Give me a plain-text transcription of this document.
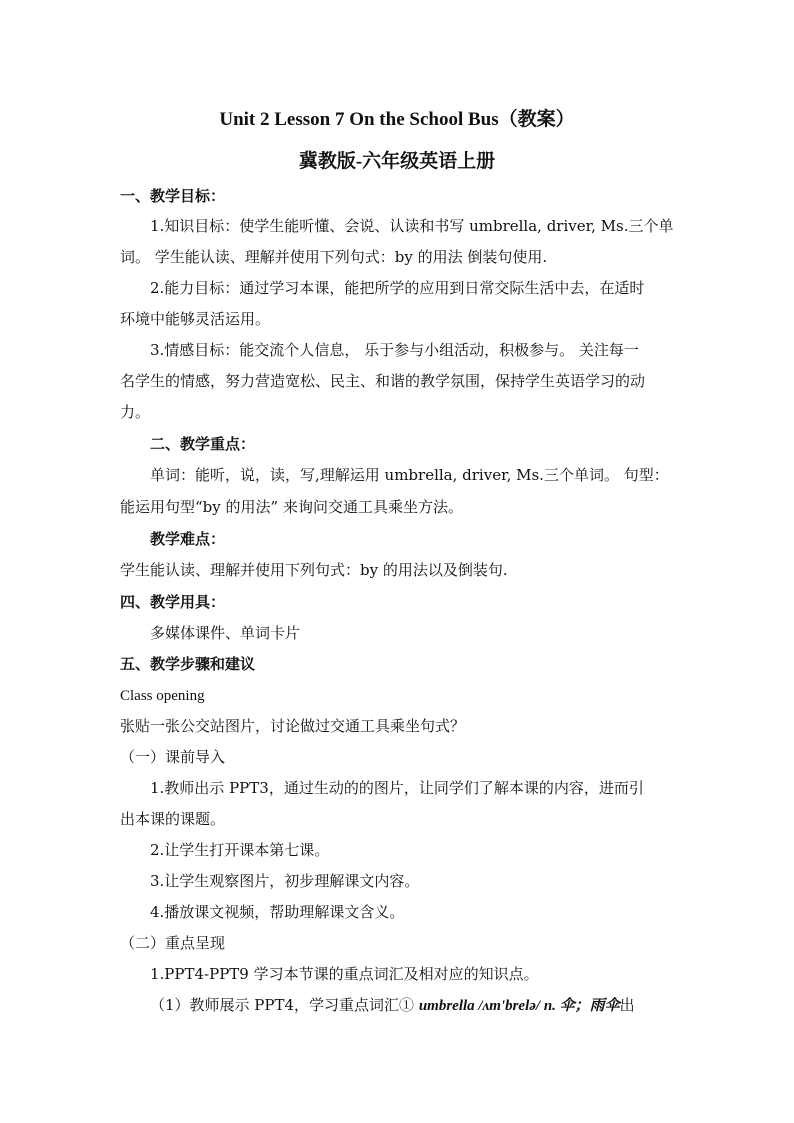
Unit 2 Lesson 7 On the School Bus（教案）
冀教版-六年级英语上册
一、教学目标：
1.知识目标：使学生能听懂、会说、认读和书写 umbrella, driver, Ms.三个单
词。 学生能认读、理解并使用下列句式：by 的用法 倒装句使用.
2.能力目标：通过学习本课，能把所学的应用到日常交际生活中去，在适时
环境中能够灵活运用。
3.情感目标：能交流个人信息， 乐于参与小组活动，积极参与。 关注每一
名学生的情感，努力营造宽松、民主、和谐的教学氛围，保持学生英语学习的动
力。
二、教学重点：
单词：能听，说，读，写,理解运用 umbrella, driver, Ms.三个单词。 句型：
能运用句型“by 的用法” 来询问交通工具乘坐方法。
教学难点：
学生能认读、理解并使用下列句式：by 的用法以及倒装句.
四、教学用具：
多媒体课件、单词卡片
五、教学步骤和建议
Class opening
张贴一张公交站图片，讨论做过交通工具乘坐句式？
（一）课前导入
1.教师出示 PPT3，通过生动的的图片，让同学们了解本课的内容，进而引
出本课的课题。
2.让学生打开课本第七课。
3.让学生观察图片，初步理解课文内容。
4.播放课文视频，帮助理解课文含义。
（二）重点呈现
1.PPT4-PPT9 学习本节课的重点词汇及相对应的知识点。
（1）教师展示 PPT4，学习重点词汇① umbrella /ʌm'brelə/ n. 伞；雨伞出
